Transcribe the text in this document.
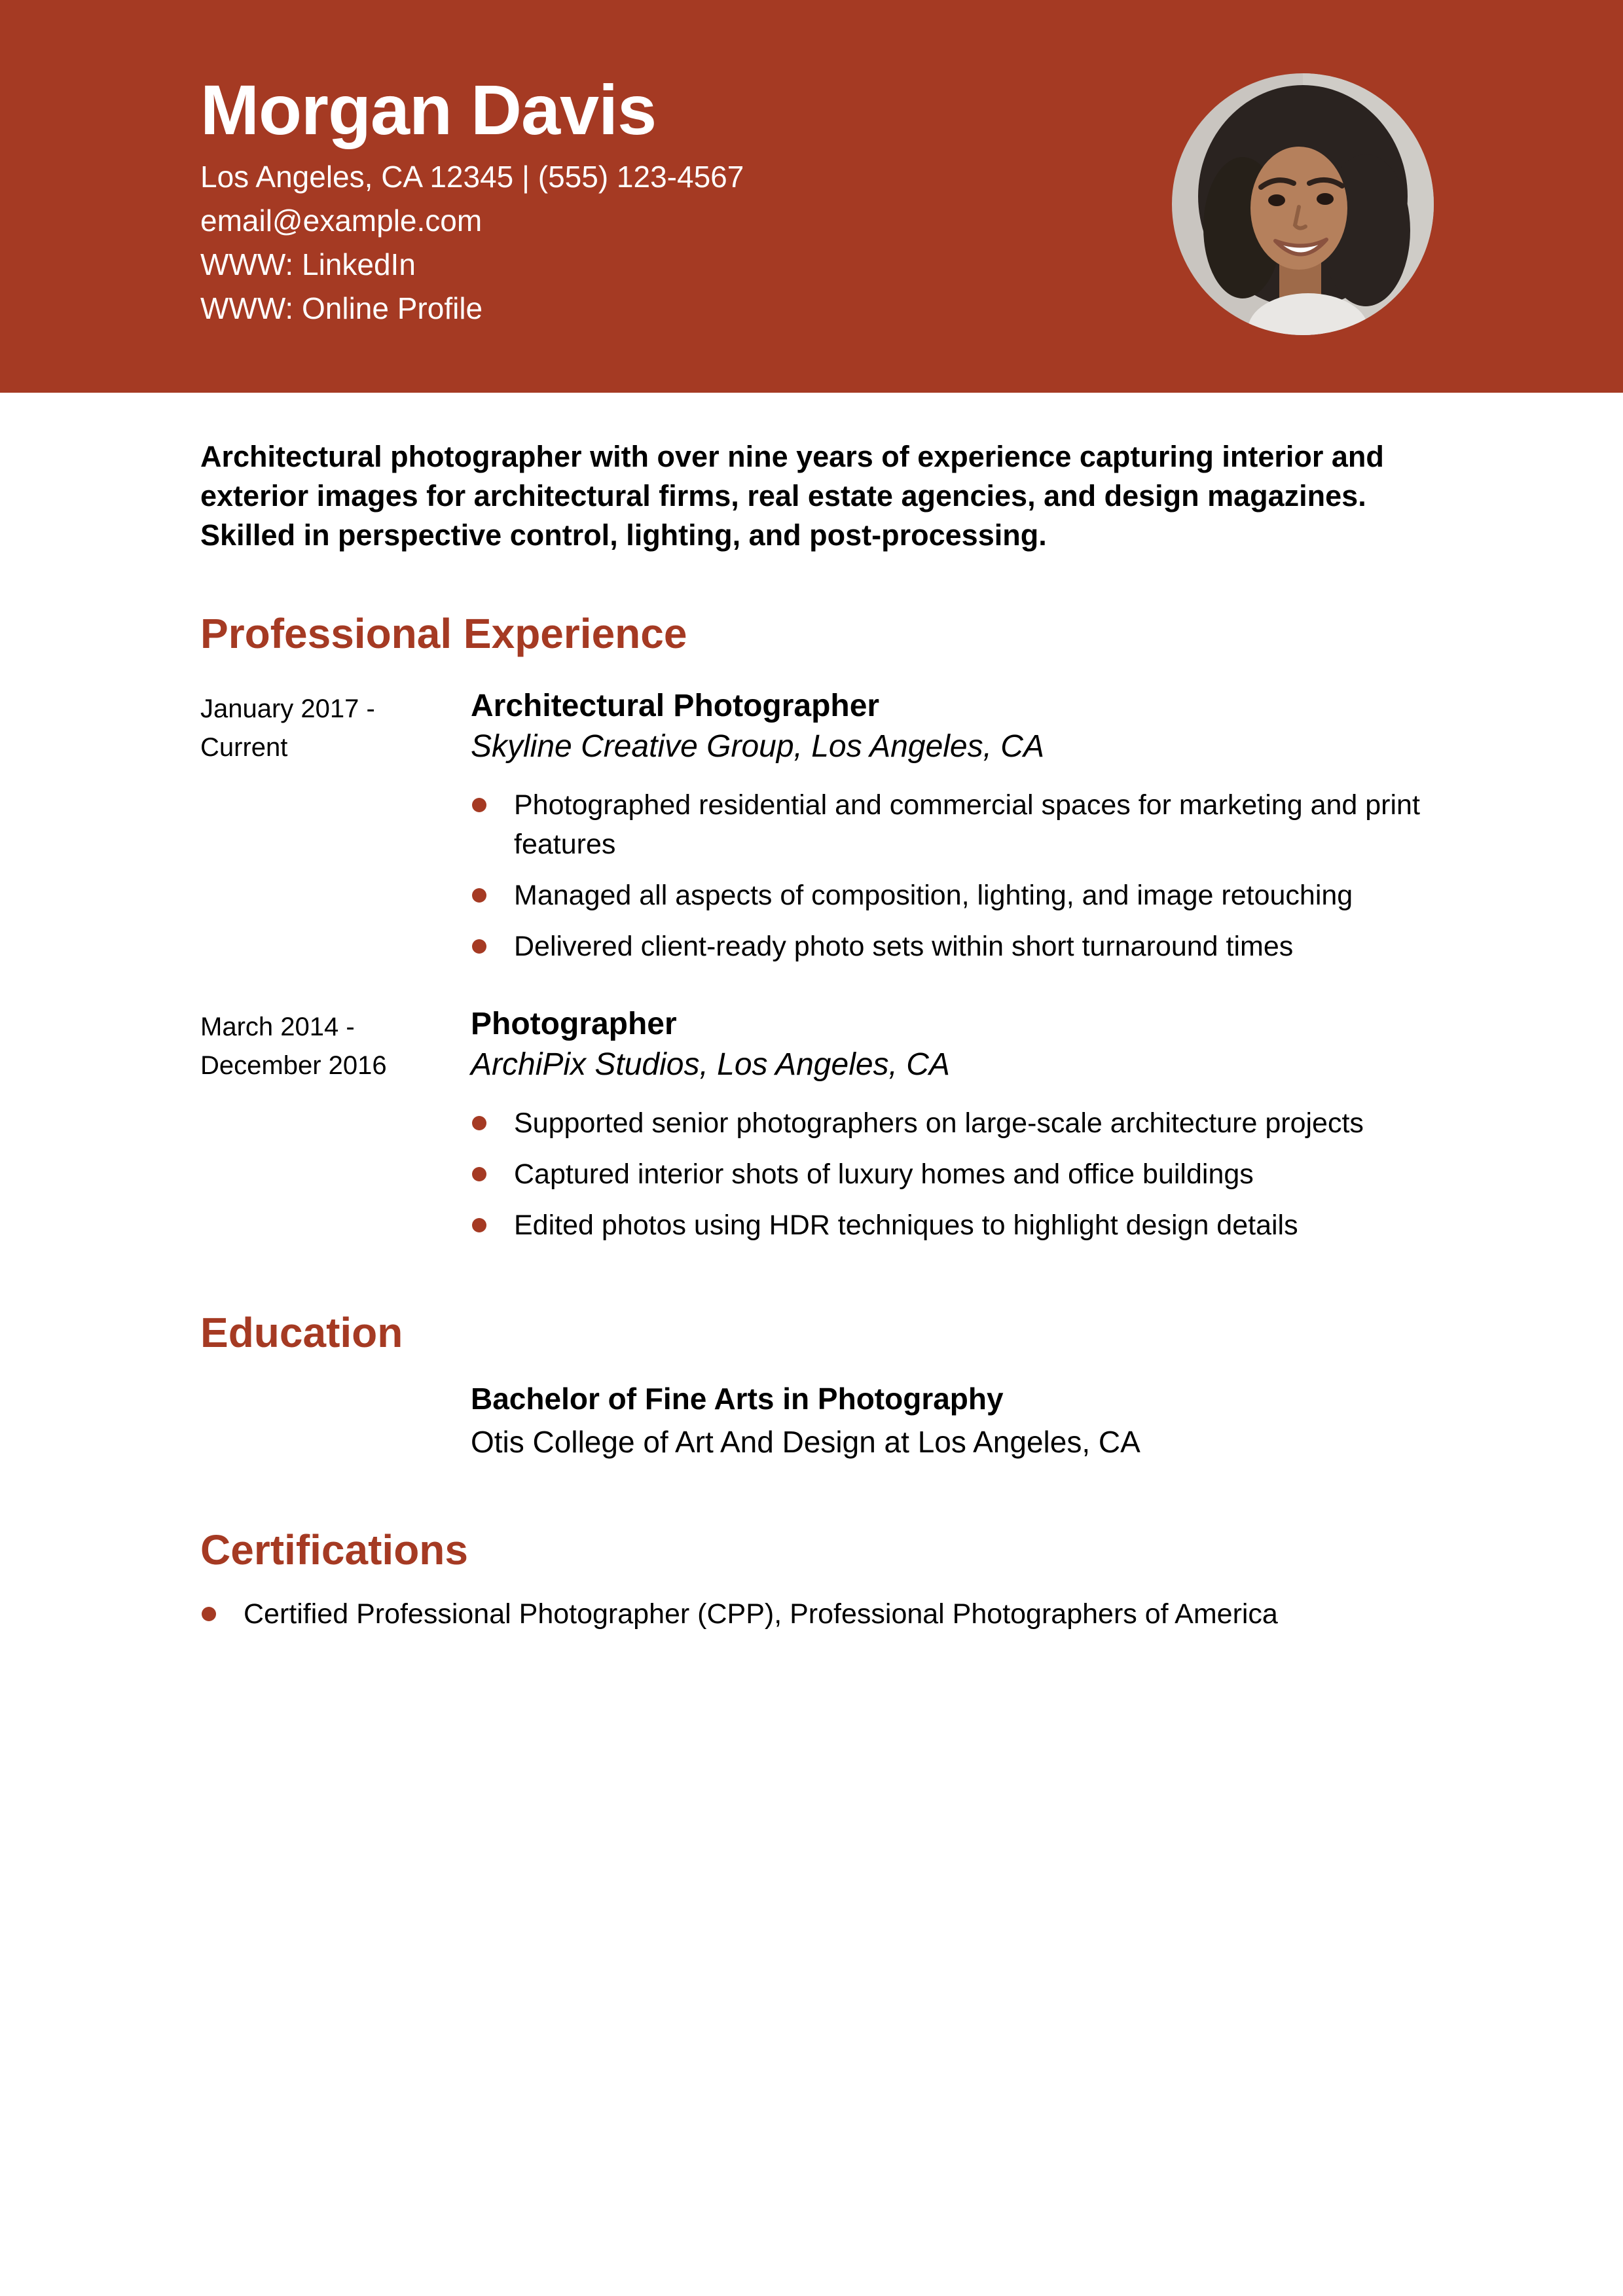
Morgan Davis
Los Angeles, CA 12345 | (555) 123-4567
email@example.com
WWW: LinkedIn
WWW: Online Profile

Architectural photographer with over nine years of experience capturing interior and exterior images for architectural firms, real estate agencies, and design magazines. Skilled in perspective control, lighting, and post-processing.

Professional Experience
January 2017 -
Current
Architectural Photographer
Skyline Creative Group, Los Angeles, CA
Photographed residential and commercial spaces for marketing and print features
Managed all aspects of composition, lighting, and image retouching
Delivered client-ready photo sets within short turnaround times
March 2014 -
December 2016
Photographer
ArchiPix Studios, Los Angeles, CA
Supported senior photographers on large-scale architecture projects
Captured interior shots of luxury homes and office buildings
Edited photos using HDR techniques to highlight design details
Education
Bachelor of Fine Arts in Photography
Otis College of Art And Design at Los Angeles, CA
Certifications
Certified Professional Photographer (CPP), Professional Photographers of America
